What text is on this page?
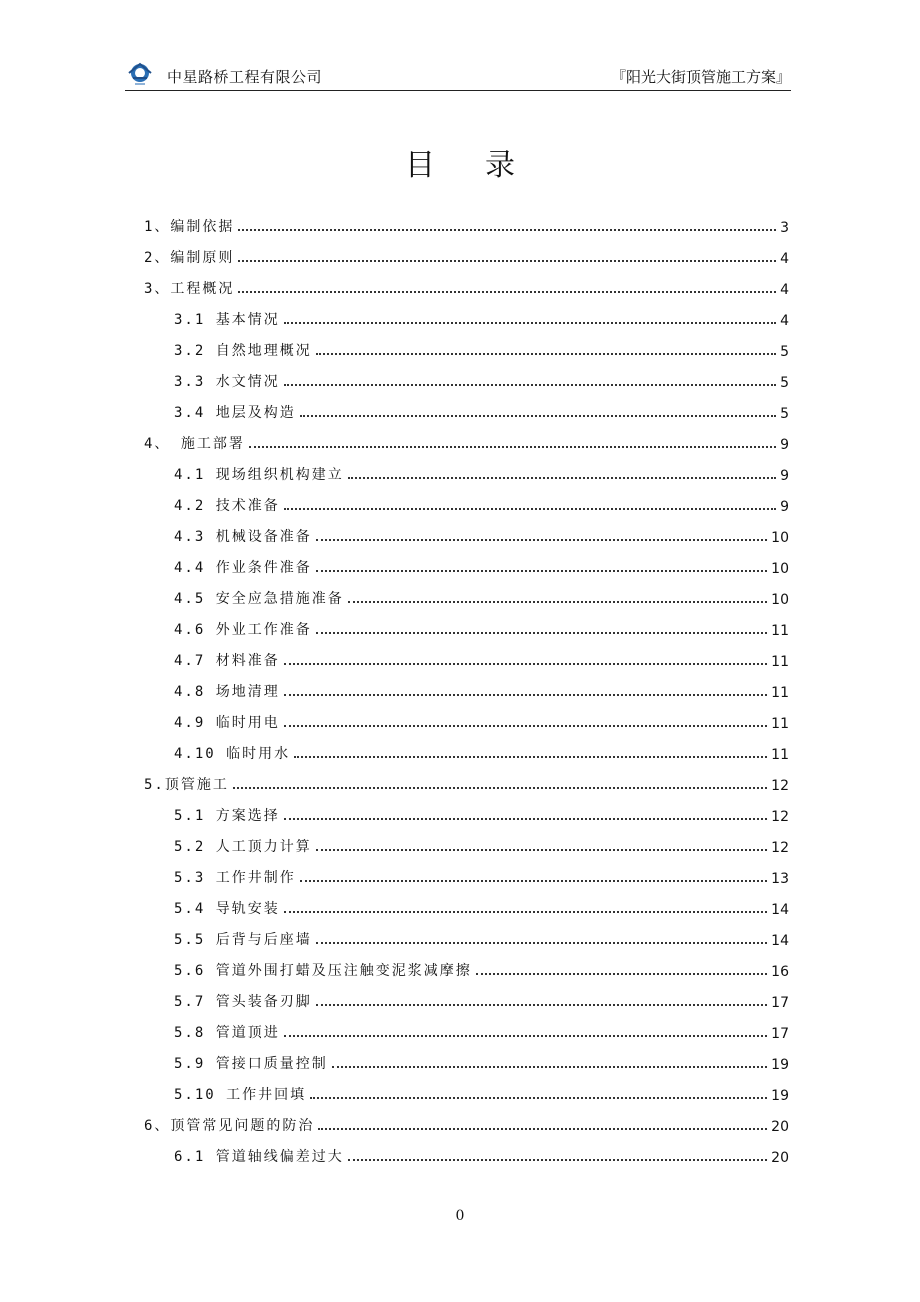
中星路桥工程有限公司	『阳光大街顶管施工方案』
目 录
1、编制依据	3
2、编制原则	4
3、工程概况	4
3.1 基本情况	4
3.2 自然地理概况	5
3.3 水文情况	5
3.4 地层及构造	5
4、 施工部署	9
4.1 现场组织机构建立	9
4.2 技术准备	9
4.3 机械设备准备	10
4.4 作业条件准备	10
4.5 安全应急措施准备	10
4.6 外业工作准备	11
4.7 材料准备	11
4.8 场地清理	11
4.9 临时用电	11
4.10 临时用水	11
5.顶管施工	12
5.1 方案选择	12
5.2 人工顶力计算	12
5.3 工作井制作	13
5.4 导轨安装	14
5.5 后背与后座墙	14
5.6 管道外围打蜡及压注触变泥浆减摩擦	16
5.7 管头装备刃脚	17
5.8 管道顶进	17
5.9 管接口质量控制	19
5.10 工作井回填	19
6、顶管常见问题的防治	20
6.1 管道轴线偏差过大	20
0
